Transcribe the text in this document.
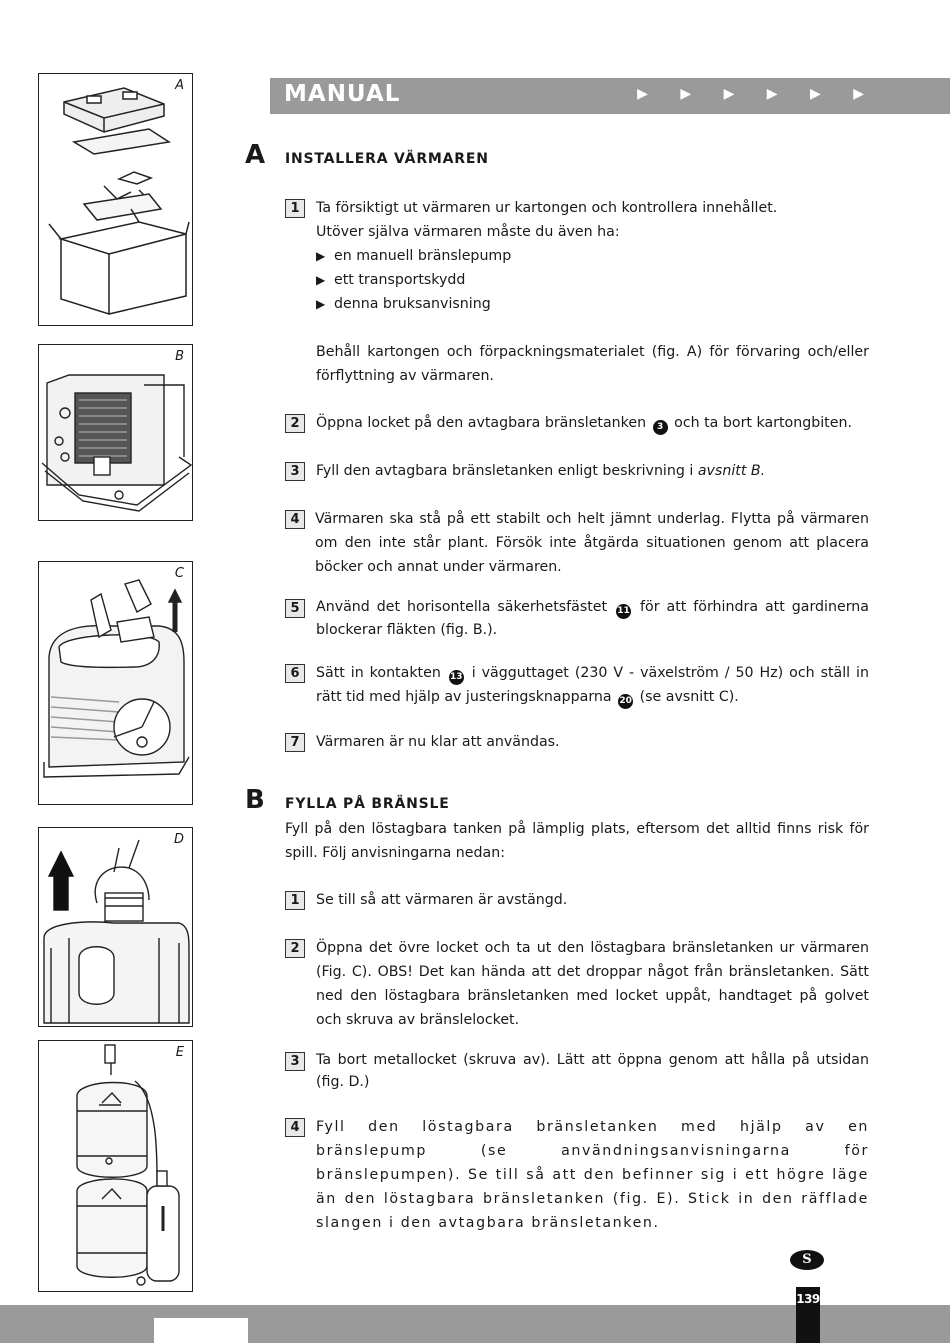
A
B
C
D
E
MANUAL	▶ ▶ ▶ ▶ ▶ ▶
A INSTALLERA VÄRMAREN
1	Ta försiktigt ut värmaren ur kartongen och kontrollera innehållet.
Utöver själva värmaren måste du även ha:
▶ en manuell bränslepump
▶ ett transportskydd
▶ denna bruksanvisning
Behåll kartongen och förpackningsmaterialet (fig. A) för förvaring och/eller förflyttning av värmaren.
2	Öppna locket på den avtagbara bränsletanken 3 och ta bort kartongbiten.
3	Fyll den avtagbara bränsletanken enligt beskrivning i avsnitt B.
4	Värmaren ska stå på ett stabilt och helt jämnt underlag. Flytta på värmaren om den inte står plant. Försök inte åtgärda situationen genom att placera böcker och annat under värmaren.
5	Använd det horisontella säkerhetsfästet 11 för att förhindra att gardinerna blockerar fläkten (fig. B.).
6	Sätt in kontakten 13 i vägguttaget (230 V - växelström / 50 Hz) och ställ in rätt tid med hjälp av justeringsknapparna 20 (se avsnitt C).
7	Värmaren är nu klar att användas.
B FYLLA PÅ BRÄNSLE
Fyll på den löstagbara tanken på lämplig plats, eftersom det alltid finns risk för spill. Följ anvisningarna nedan:
1	Se till så att värmaren är avstängd.
2	Öppna det övre locket och ta ut den löstagbara bränsletanken ur värmaren (Fig. C). OBS! Det kan hända att det droppar något från bränsletanken. Sätt ned den löstagbara bränsletanken med locket uppåt, handtaget på golvet och skruva av bränslelocket.
3	Ta bort metallocket (skruva av). Lätt att öppna genom att hålla på utsidan (fig. D.)
4	Fyll den löstagbara bränsletanken med hjälp av en bränslepump (se användningsanvisningarna för bränslepumpen). Se till så att den befinner sig i ett högre läge än den löstagbara bränsletanken (fig. E). Stick in den räfflade slangen i den avtagbara bränsletanken.
S
139
